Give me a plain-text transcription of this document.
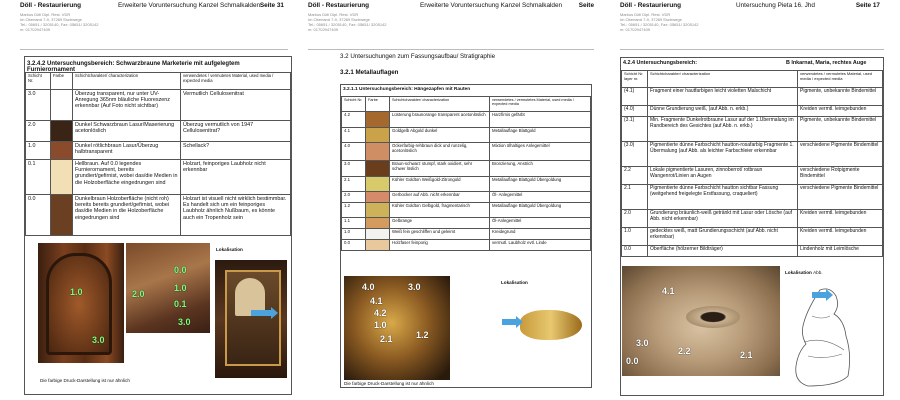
Döll - Restaurierung	Erweiterte Voruntersuchung Kanzel Schmalkalden Seite 31
Markus Döll Dipl. Rest. VDR
Im Oberland 7-9, 37269 Eschwege
Tel.: 05651 / 3205140, Fax: 05651/ 3205142
m: 01702947409
3.2.4.2 Untersuchungsbereich: Schwarzbraune Marketerie mit aufgelegtem Furnierornament
Schicht Nr.	Farbe	Schichtcharakter/ characterization	verwendetes / vermutetes Material, used media / expected media
3.0		Überzug transparent, nur unter UV-Anregung 365nm bläuliche Fluoreszenz erkennbar (Auf Foto nicht sichtbar)	Vermutlich Cellulosenitrat
2.0		Dunkel Schwarzbraun Lasur/Maserierung acetonlöslich	Überzug vermutlich von 1947 Cellulosenitrat?
1.0		Dunkel rötlichbraun Lasur/Überzug halbtransparent	Schellack?
0.1		Hellbraun. Auf 0.0 legendes Furnierornament, bereits grundiert/gefirnist, wobei das/die Medien in die Holzoberfläche eingedrungen sind	Holzart, feinporiges Laubholz nicht erkennbar
0.0		Dunkelbraun Holzoberfläche (nicht roh) bereits bereits grundiert/gefirnist, wobei das/die Medien in die Holzoberfläche eingedrungen sind	Holzart ist visuell nicht wirklich bestimmbar. Es handelt sich um ein feinporiges Laubholz ähnlich Nußbaum, es könnte auch ein Tropenholz sein
1.0
3.0
0.0
1.0
0.1
2.0
3.0
Lokalisation
Die farbige Druck-Darstellung ist nur ähnlich
Döll - Restaurierung	Erweiterte Voruntersuchung Kanzel Schmalkalden	Seite
Markus Döll Dipl. Rest. VDR
Im Oberland 7-9, 37269 Eschwege
Tel.: 05651 / 3205140, Fax: 05651/ 3205142
m: 01702947409
3.2 Untersuchungen zum Fassungsaufbau/ Stratigraphie
3.2.1 Metallauflagen
3.2.1.1 Untersuchungsbereich: Hängezapfen mit Rauten
Schicht Nr.	Farbe	Schichtcharakter/ characterization	verwendetes / vermutetes Material, used media / expected media
4.2		Lüsterung braunorange transparent acetonlöslich	Harzfirnis gefärbt
4.1		Goldgelb Abgold dunkel	Metallauflage Blattgold
4.0		Ockerfarbig-rehbraun dick und runzelig, acetonlöslich	Mixtion ölhaltiges Anlegemittel
3.0		Braun-schwarz stumpf, stark oxidiert, sehr schwer löslich	Bronzierung, Anstrich
2.1		Kühler Goldton Weißgold-Zitrongold	Metallauflage Blattgold Übergoldung
2.0		Gerbocker auf Abb. nicht erkennbar	Öl- Anlegemittel
1.2		Kühler Goldton Gelbgold, fragmentarisch	Metallauflage Blattgold Übergoldung
1.1		Gelbrange	Öl-Anlegemittel
1.0		Weiß fein geschliffen und geleimt	Kreidegrund
0.0		Holzfaser feinporig	vermutl. Laubholz evtl. Linde
4.0	3.0
4.1
4.2
1.0
2.1	1.2
Lokalisation
Die farbige Druck-Darstellung ist nur ähnlich
Döll - Restaurierung	Untersuchung Pieta 16. Jhd	Seite 17
Markus Döll Dipl. Rest. VDR
Im Oberland 7-9, 37269 Eschwege
Tel.: 05651 / 3205140, Fax: 05651/ 3205142
m: 01702947409
4.2.4 Untersuchungsbereich:	B Inkarnat, Maria, rechtes Auge
Schicht Nr. layer nr.	Schichtcharakter/ characterization	verwendetes / vermutetes Material, used media / expected media
(4.1)	Fragment einer hautfarbigen leicht violetten Malschicht	Pigmente, unbekannte Bindemittel
(4.0)	Dünne Grundierung weiß, (auf Abb. n. erkb.)	Kreiden vermtl. leimgebunden
(3.1)	Min. Fragmente Dunkelrotbraune Lasur auf der 1.Übermalung im Randbereich des Gesichtes (auf Abb. n. erkb.)	Pigmente, unbekannte Bindemittel
(3.0)	Pigmentierte dünne Farbschicht hautton-rosafarbig Fragmente 1. Übermalung (auf Abb. als leichter Farbschleier erkennbar	verschiedene Pigmente Bindemittel
2.2	Lokale pigmentierte Lasuren, zinnoberrot/ rotbraun Wangenrot/Linien an Augen	verschiedene Rotpigmente Bindemittel
2.1	Pigmentierte dünne Farbschicht hautton sichtbar Fassung (weitgehend freigelegte Erstfassung, craqueliert)	verschiedene Pigmente Bindemittel
2.0	Grundierung bräunlich-weiß getränkt mit Lasur oder Lösche (auf Abb. nicht erkennbar)	Kreiden vermtl. leimgebunden
1.0	gedecktes weiß, matt Grundierungsschicht (auf Abb. nicht erkennbar)	Kreiden vermtl. leimgebunden
0.0	Oberfläche (hölzerner Bildträger)	Lindenholz mit Leimlösche
4.1
3.0
2.2	2.1
0.0
Lokalisation Abb.
